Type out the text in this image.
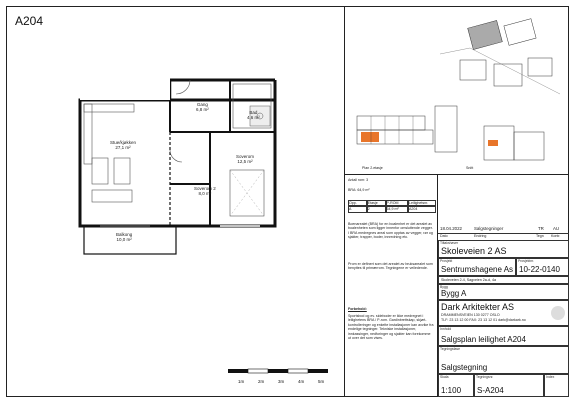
A204
Stue/kjøkken
27,1 m²
Gang
6,8 m²
Bad
4,6 m²
Soverom
12,5 m²
Soverom 2
8,0 m²
Balkong
10,0 m²
1m	2m	3m	4m	5m
Plan 2.etasje	Snitt
Antall rom: 3
BRA: 64,9 m²
Opp.	Etasje	P-ROM	Leilighetsnr.
A	2	64,9 m²	A204
Boenarealet (BRA) for en boalenhet er det arealet av boalenheten som ligger innenfor omsluttende vegger. I BRA medregnes areal som opptas av vegger, rør og sjakter, trapper, boder, innredning etc.
Prom er definert som det arealet av bruksarealet som benyttes til primærrom. Tegningene er veiledende.
Forbehold:
Sportsbod og ev. sideboder er ikke medregnet i leilighetens BRA / P-rom. Gardinbrettskap, skjørt-kontrolleringer og enkelte installasjoner kan avvike fra endelige tegninger. Tekniske installasjoner, innkassinger, nedforinger og sjakter kan forekomme ut over det som vises.
18.04.2022	Salgstegninger	TR AU
Dato	Endring	Tegn Kontr.
Tiltakshaver
Skoleveien 2 AS
Prosjekt
Sentrumshagene As
Prosjektnr.
10-22-0140
Skoleveien 2-4, Sagveien 2a-d, 4a
Bygg
Bygg A
Dark Arkitekter AS
DRAMMENSVEIEN 130 0277 OSLO
TLF: 23 13 12 00 FAX: 23 13 12 01 dark@darkark.no
Innhold
Salgsplan leilighet A204
Tegningsfase
Salgstegning
Skala
1:100
Tegningsnr.
S-A204
Index
